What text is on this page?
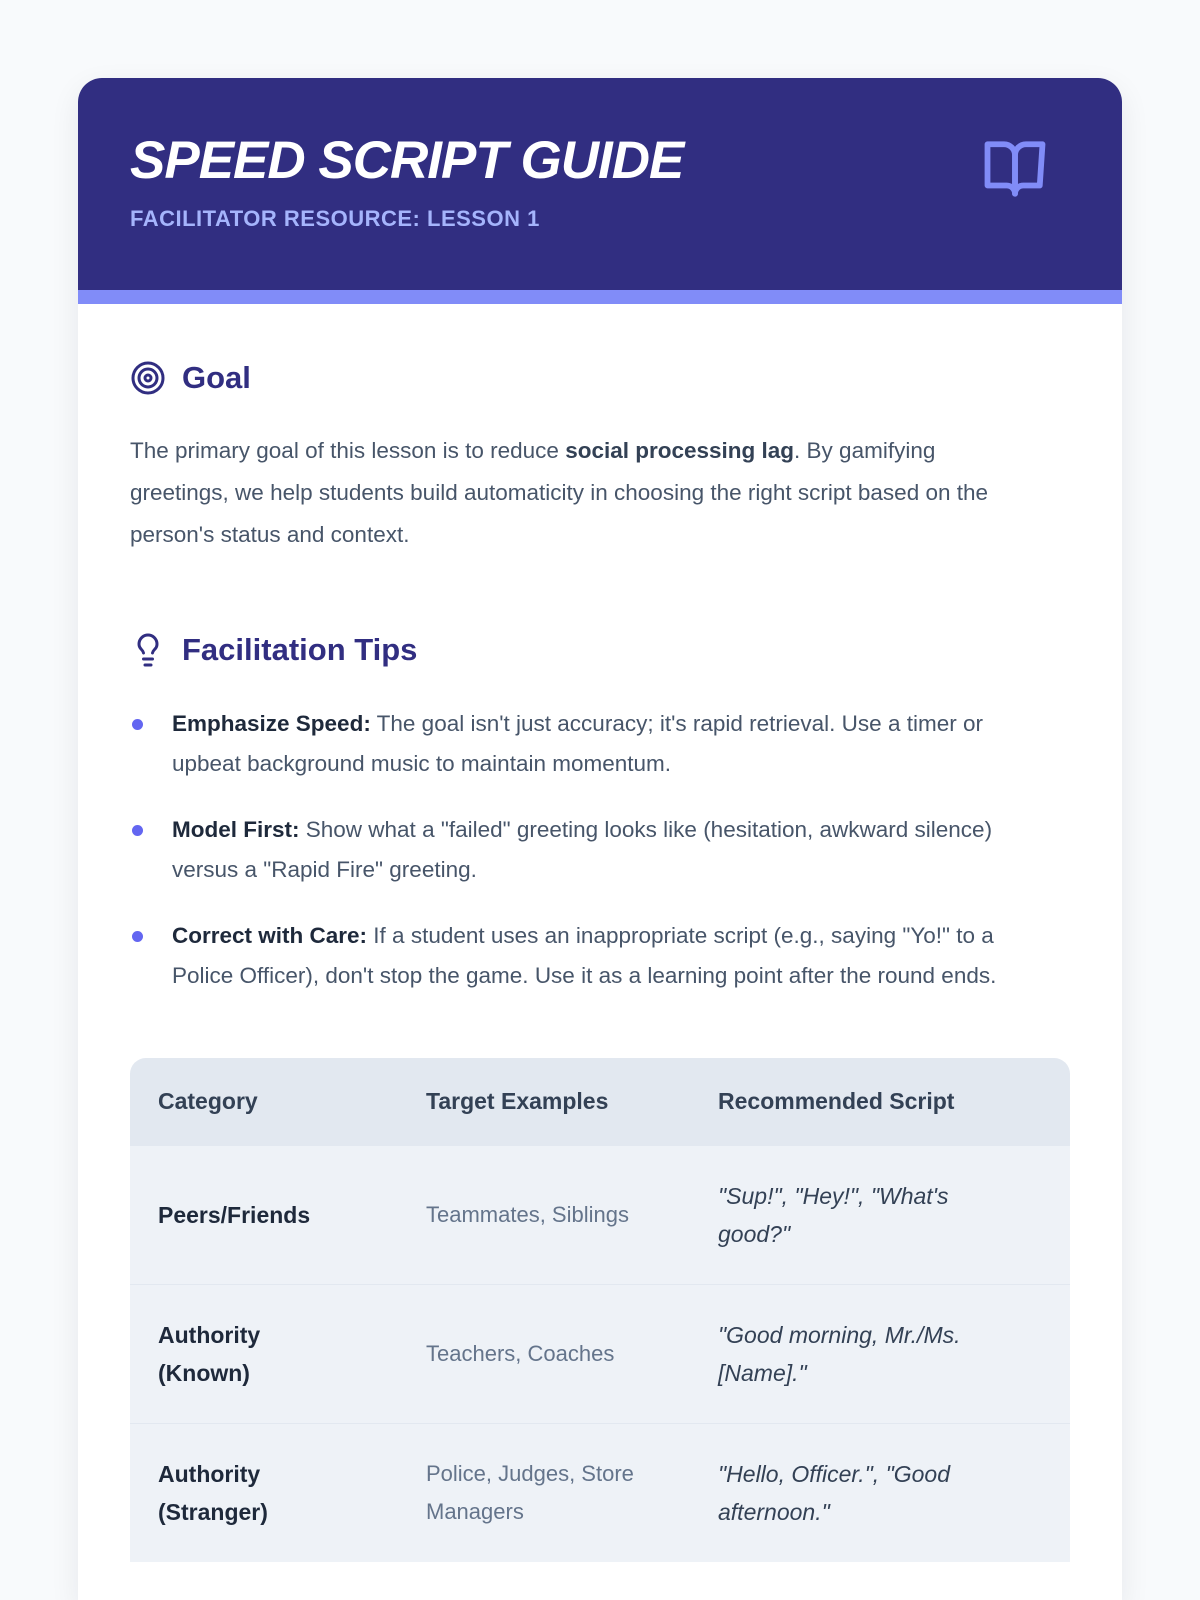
SPEED SCRIPT GUIDE
FACILITATOR RESOURCE: LESSON 1
Goal

The primary goal of this lesson is to reduce social processing lag. By gamifying greetings, we help students build automaticity in choosing the right script based on the person's status and context.

Facilitation Tips
Emphasize Speed: The goal isn't just accuracy; it's rapid retrieval. Use a timer or upbeat background music to maintain momentum.
Model First: Show what a "failed" greeting looks like (hesitation, awkward silence) versus a "Rapid Fire" greeting.
Correct with Care: If a student uses an inappropriate script (e.g., saying "Yo!" to a Police Officer), don't stop the game. Use it as a learning point after the round ends.
Category	Target Examples	Recommended Script
Peers/Friends	Teammates, Siblings	"Sup!", "Hey!", "What's good?"
Authority (Known)	Teachers, Coaches	"Good morning, Mr./Ms. [Name]."
Authority (Stranger)	Police, Judges, Store Managers	"Hello, Officer.", "Good afternoon."
